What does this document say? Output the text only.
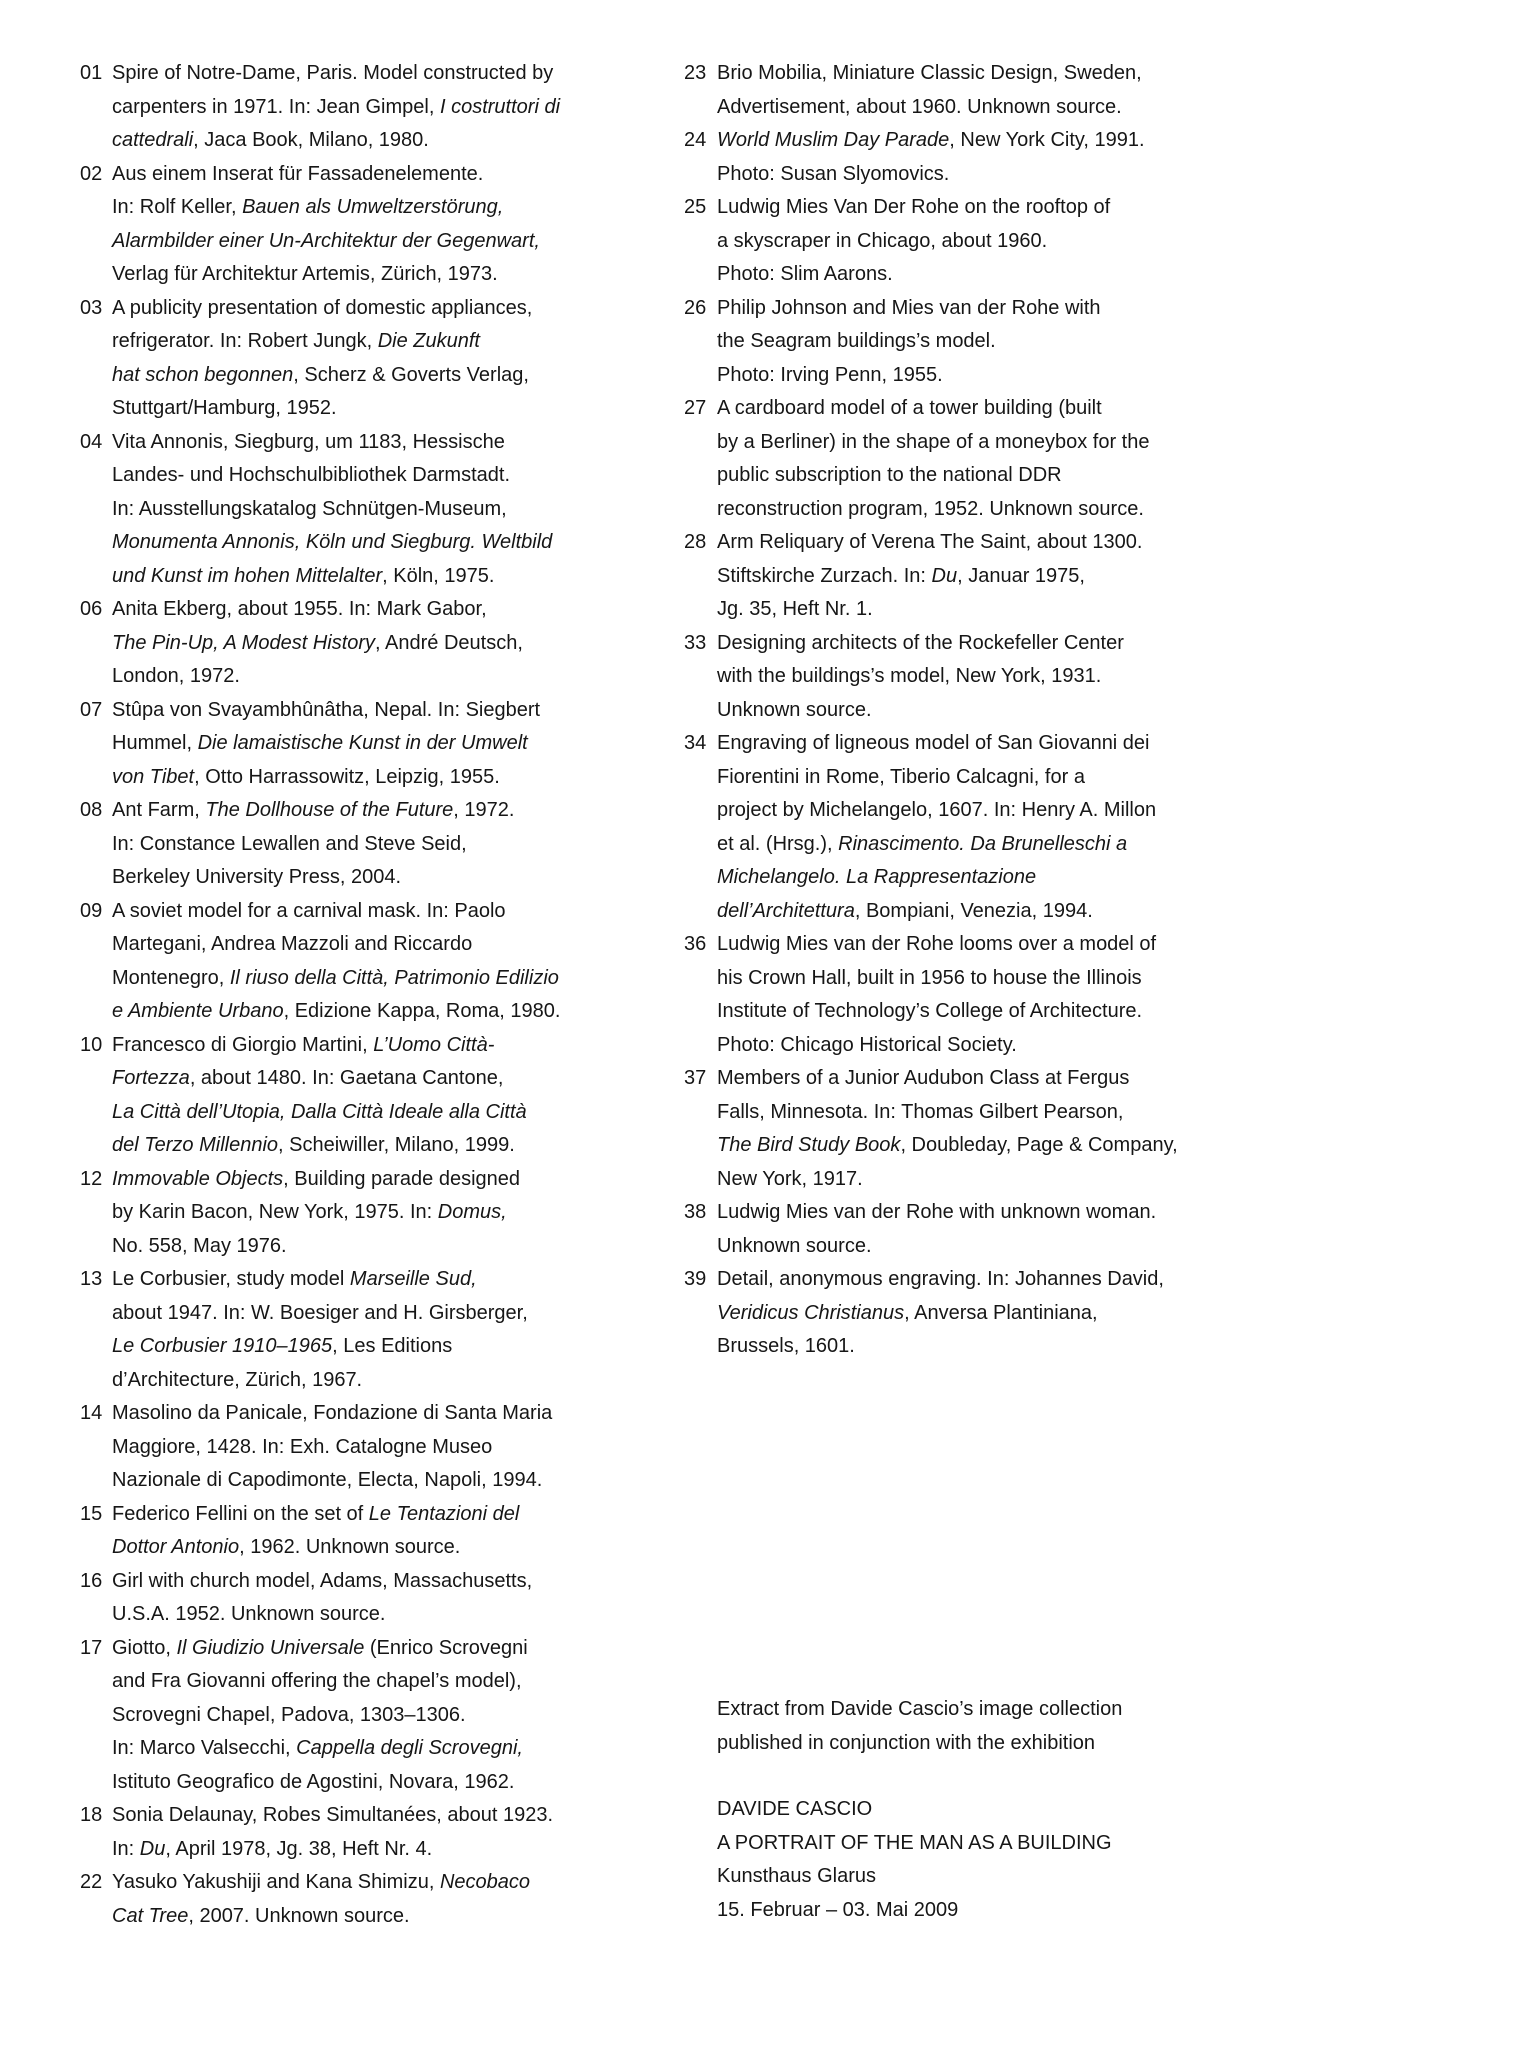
01 Spire of Notre-Dame, Paris. Model constructed by
carpenters in 1971. In: Jean Gimpel, I costruttori di
cattedrali, Jaca Book, Milano, 1980.
02 Aus einem Inserat für Fassadenelemente.
In: Rolf Keller, Bauen als Umweltzerstörung,
Alarmbilder einer Un-Architektur der Gegenwart,
Verlag für Architektur Artemis, Zürich, 1973.
03 A publicity presentation of domestic appliances,
refrigerator. In: Robert Jungk, Die Zukunft
hat schon begonnen, Scherz & Goverts Verlag,
Stuttgart/Hamburg, 1952.
04 Vita Annonis, Siegburg, um 1183, Hessische
Landes- und Hochschulbibliothek Darmstadt.
In: Ausstellungskatalog Schnütgen-Museum,
Monumenta Annonis, Köln und Siegburg. Weltbild
und Kunst im hohen Mittelalter, Köln, 1975.
06 Anita Ekberg, about 1955. In: Mark Gabor,
The Pin-Up, A Modest History, André Deutsch,
London, 1972.
07 Stûpa von Svayambhûnâtha, Nepal. In: Siegbert
Hummel, Die lamaistische Kunst in der Umwelt
von Tibet, Otto Harrassowitz, Leipzig, 1955.
08 Ant Farm, The Dollhouse of the Future, 1972.
In: Constance Lewallen and Steve Seid,
Berkeley University Press, 2004.
09 A soviet model for a carnival mask. In: Paolo
Martegani, Andrea Mazzoli and Riccardo
Montenegro, Il riuso della Città, Patrimonio Edilizio
e Ambiente Urbano, Edizione Kappa, Roma, 1980.
10 Francesco di Giorgio Martini, L’Uomo Città-
Fortezza, about 1480. In: Gaetana Cantone,
La Città dell’Utopia, Dalla Città Ideale alla Città
del Terzo Millennio, Scheiwiller, Milano, 1999.
12 Immovable Objects, Building parade designed
by Karin Bacon, New York, 1975. In: Domus,
No. 558, May 1976.
13 Le Corbusier, study model Marseille Sud,
about 1947. In: W. Boesiger and H. Girsberger,
Le Corbusier 1910–1965, Les Editions
d’Architecture, Zürich, 1967.
14 Masolino da Panicale, Fondazione di Santa Maria
Maggiore, 1428. In: Exh. Catalogne Museo
Nazionale di Capodimonte, Electa, Napoli, 1994.
15 Federico Fellini on the set of Le Tentazioni del
Dottor Antonio, 1962. Unknown source.
16 Girl with church model, Adams, Massachusetts,
U.S.A. 1952. Unknown source.
17 Giotto, Il Giudizio Universale (Enrico Scrovegni
and Fra Giovanni offering the chapel’s model),
Scrovegni Chapel, Padova, 1303–1306.
In: Marco Valsecchi, Cappella degli Scrovegni,
Istituto Geografico de Agostini, Novara, 1962.
18 Sonia Delaunay, Robes Simultanées, about 1923.
In: Du, April 1978, Jg. 38, Heft Nr. 4.
22 Yasuko Yakushiji and Kana Shimizu, Necobaco
Cat Tree, 2007. Unknown source.
23 Brio Mobilia, Miniature Classic Design, Sweden,
Advertisement, about 1960. Unknown source.
24 World Muslim Day Parade, New York City, 1991.
Photo: Susan Slyomovics.
25 Ludwig Mies Van Der Rohe on the rooftop of
a skyscraper in Chicago, about 1960.
Photo: Slim Aarons.
26 Philip Johnson and Mies van der Rohe with
the Seagram buildings’s model.
Photo: Irving Penn, 1955.
27 A cardboard model of a tower building (built
by a Berliner) in the shape of a moneybox for the
public subscription to the national DDR
reconstruction program, 1952. Unknown source.
28 Arm Reliquary of Verena The Saint, about 1300.
Stiftskirche Zurzach. In: Du, Januar 1975,
Jg. 35, Heft Nr. 1.
33 Designing architects of the Rockefeller Center
with the buildings’s model, New York, 1931.
Unknown source.
34 Engraving of ligneous model of San Giovanni dei
Fiorentini in Rome, Tiberio Calcagni, for a
project by Michelangelo, 1607. In: Henry A. Millon
et al. (Hrsg.), Rinascimento. Da Brunelleschi a
Michelangelo. La Rappresentazione
dell’Architettura, Bompiani, Venezia, 1994.
36 Ludwig Mies van der Rohe looms over a model of
his Crown Hall, built in 1956 to house the Illinois
Institute of Technology’s College of Architecture.
Photo: Chicago Historical Society.
37 Members of a Junior Audubon Class at Fergus
Falls, Minnesota. In: Thomas Gilbert Pearson,
The Bird Study Book, Doubleday, Page & Company,
New York, 1917.
38 Ludwig Mies van der Rohe with unknown woman.
Unknown source.
39 Detail, anonymous engraving. In: Johannes David,
Veridicus Christianus, Anversa Plantiniana,
Brussels, 1601.
Extract from Davide Cascio’s image collection
published in conjunction with the exhibition
DAVIDE CASCIO
A PORTRAIT OF THE MAN AS A BUILDING
Kunsthaus Glarus
15. Februar – 03. Mai 2009
